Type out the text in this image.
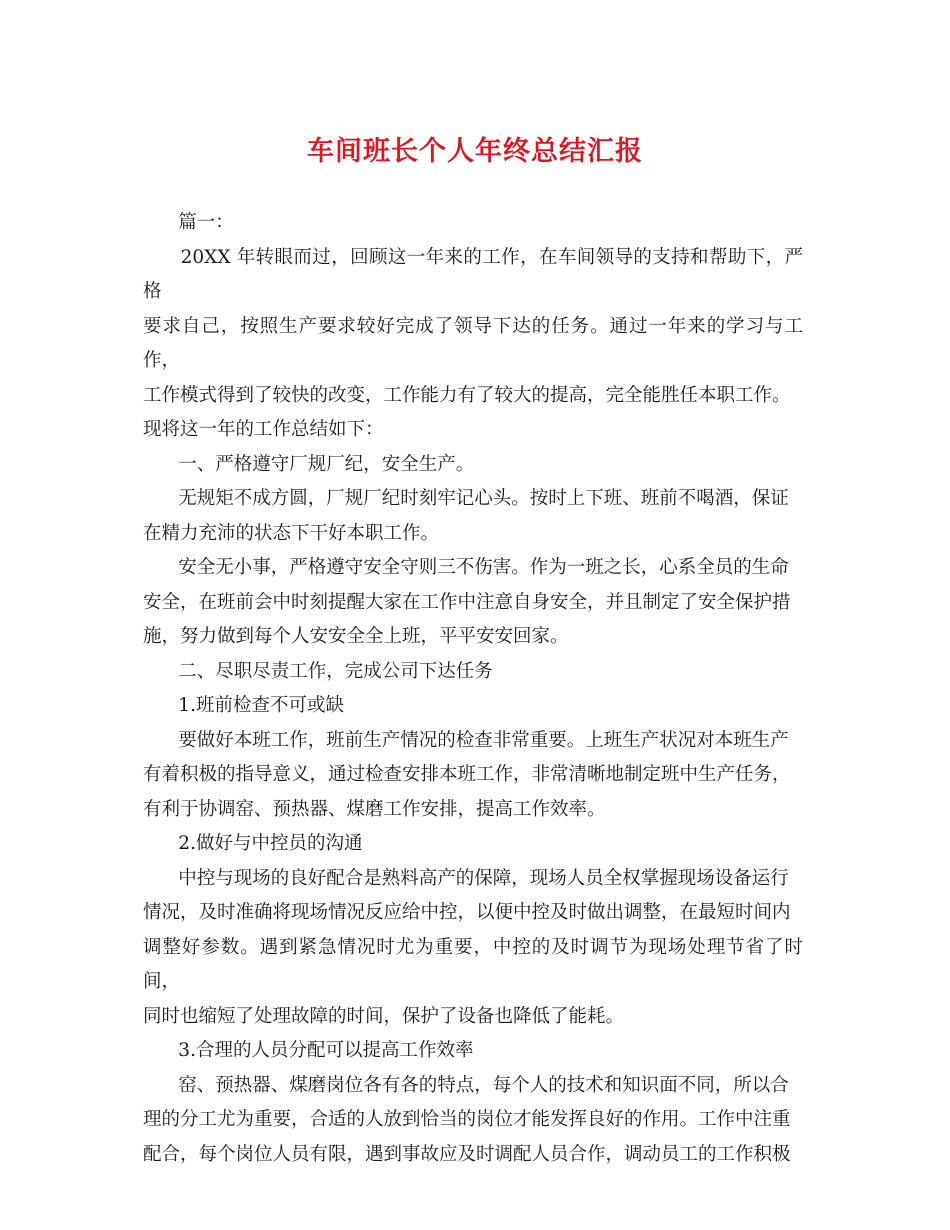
车间班长个人年终总结汇报

篇一：

20XX 年转眼而过，回顾这一年来的工作，在车间领导的支持和帮助下，严格

要求自己，按照生产要求较好完成了领导下达的任务。通过一年来的学习与工作，

工作模式得到了较快的改变，工作能力有了较大的提高，完全能胜任本职工作。

现将这一年的工作总结如下：

一、严格遵守厂规厂纪，安全生产。

无规矩不成方圆，厂规厂纪时刻牢记心头。按时上下班、班前不喝酒，保证

在精力充沛的状态下干好本职工作。

安全无小事，严格遵守安全守则三不伤害。作为一班之长，心系全员的生命

安全，在班前会中时刻提醒大家在工作中注意自身安全，并且制定了安全保护措

施，努力做到每个人安安全全上班，平平安安回家。

二、尽职尽责工作，完成公司下达任务

1.班前检查不可或缺

要做好本班工作，班前生产情况的检查非常重要。上班生产状况对本班生产

有着积极的指导意义，通过检查安排本班工作，非常清晰地制定班中生产任务，

有利于协调窑、预热器、煤磨工作安排，提高工作效率。

2.做好与中控员的沟通

中控与现场的良好配合是熟料高产的保障，现场人员全权掌握现场设备运行

情况，及时准确将现场情况反应给中控，以便中控及时做出调整，在最短时间内

调整好参数。遇到紧急情况时尤为重要，中控的及时调节为现场处理节省了时间，

同时也缩短了处理故障的时间，保护了设备也降低了能耗。

3.合理的人员分配可以提高工作效率

窑、预热器、煤磨岗位各有各的特点，每个人的技术和知识面不同，所以合

理的分工尤为重要，合适的人放到恰当的岗位才能发挥良好的作用。工作中注重

配合，每个岗位人员有限，遇到事故应及时调配人员合作，调动员工的工作积极
